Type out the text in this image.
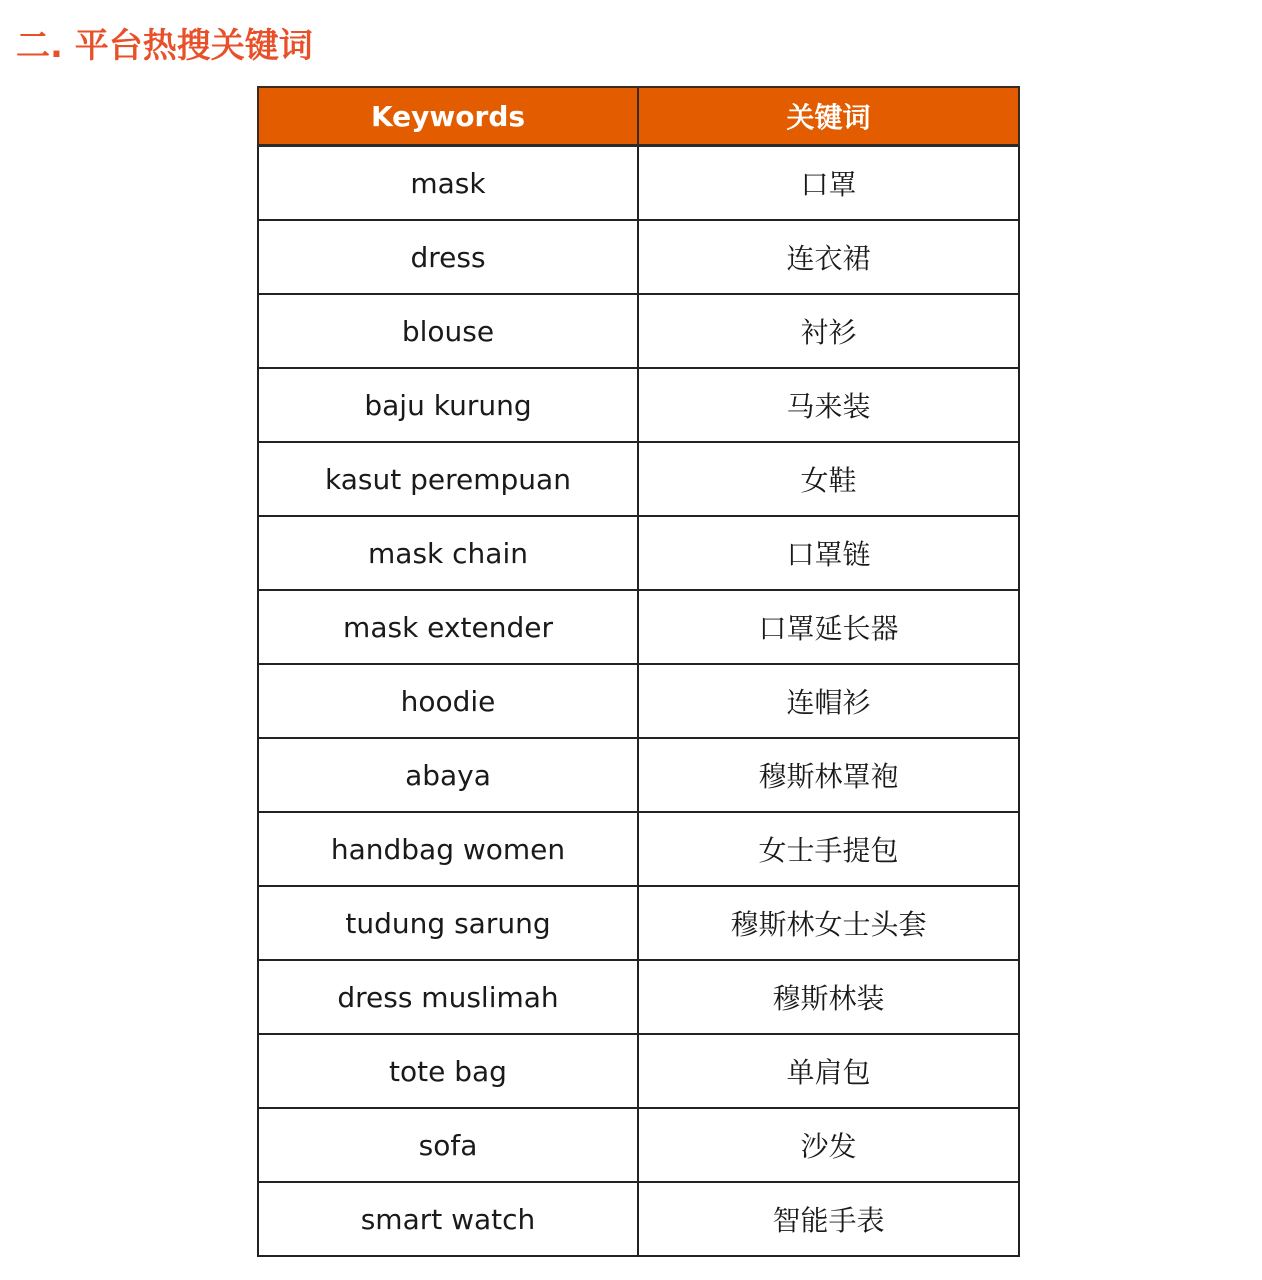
二. 平台热搜关键词
Keywords	关键词
mask	口罩
dress	连衣裙
blouse	衬衫
baju kurung	马来装
kasut perempuan	女鞋
mask chain	口罩链
mask extender	口罩延长器
hoodie	连帽衫
abaya	穆斯林罩袍
handbag women	女士手提包
tudung sarung	穆斯林女士头套
dress muslimah	穆斯林装
tote bag	单肩包
sofa	沙发
smart watch	智能手表
